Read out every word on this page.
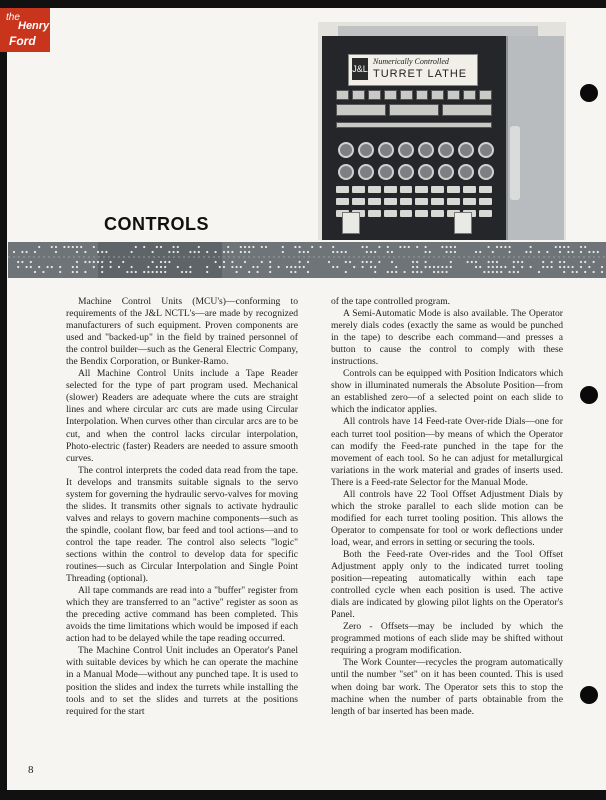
the
Henry
Ford
J&L
Numerically Controlled
TURRET LATHE
CONTROLS

Machine Control Units (MCU's)—conforming to requirements of the J&L NCTL's—are made by recognized manufacturers of such equipment. Proven components are used and "backed-up" in the field by trained personnel of the control builder—such as the General Electric Company, the Bendix Corporation, or Bunker-Ramo.

All Machine Control Units include a Tape Reader selected for the type of part program used. Mechanical (slower) Readers are adequate where the cuts are straight lines and where circular arc cuts are made using Circular Interpolation. When curves other than circular arcs are to be cut, and when the control lacks circular interpolation, Photo-electric (faster) Readers are needed to assure smooth curves.

The control interprets the coded data read from the tape. It develops and transmits suitable signals to the servo system for governing the hydraulic servo-valves for moving the slides. It transmits other signals to activate hydraulic valves and relays to govern machine components—such as the spindle, coolant flow, bar feed and tool actions—and to control the tape reader. The control also selects "logic" sections within the control to develop data for specific routines—such as Circular Interpolation and Single Point Threading (optional).

All tape commands are read into a "buffer" register from which they are transferred to an "active" register as soon as the preceding active command has been completed. This avoids the time limitations which would be imposed if each action had to be delayed while the tape reading occurred.

The Machine Control Unit includes an Operator's Panel with suitable devices by which he can operate the machine in a Manual Mode—without any punched tape. It is used to position the slides and index the turrets while installing the tools and to set the slides and turrets at the positions required for the start

of the tape controlled program.

A Semi-Automatic Mode is also available. The Operator merely dials codes (exactly the same as would be punched in the tape) to describe each command—and presses a button to cause the control to comply with these instructions.

Controls can be equipped with Position Indicators which show in illuminated numerals the Absolute Position—from an established zero—of a selected point on each slide to which the indicator applies.

All controls have 14 Feed-rate Over-ride Dials—one for each turret tool position—by means of which the Operator can modify the Feed-rate punched in the tape for the movement of each tool. So he can adjust for metallurgical variations in the work material and grades of inserts used. There is a Feed-rate Selector for the Manual Mode.

All controls have 22 Tool Offset Adjustment Dials by which the stroke parallel to each slide motion can be modified for each turret tooling position. This allows the Operator to compensate for tool or work deflections under load, wear, and errors in setting or securing the tools.

Both the Feed-rate Over-rides and the Tool Offset Adjustment apply only to the indicated turret tooling position—repeating automatically within each tape controlled cycle when each position is used. The active dials are indicated by glowing pilot lights on the Operator's Panel.

Zero - Offsets—may be included by which the programmed motions of each slide may be shifted without requiring a program modification.

The Work Counter—recycles the program automatically until the number "set" on it has been counted. This is used when doing bar work. The Operator sets this to stop the machine when the number of parts obtainable from the length of bar inserted has been made.

8
